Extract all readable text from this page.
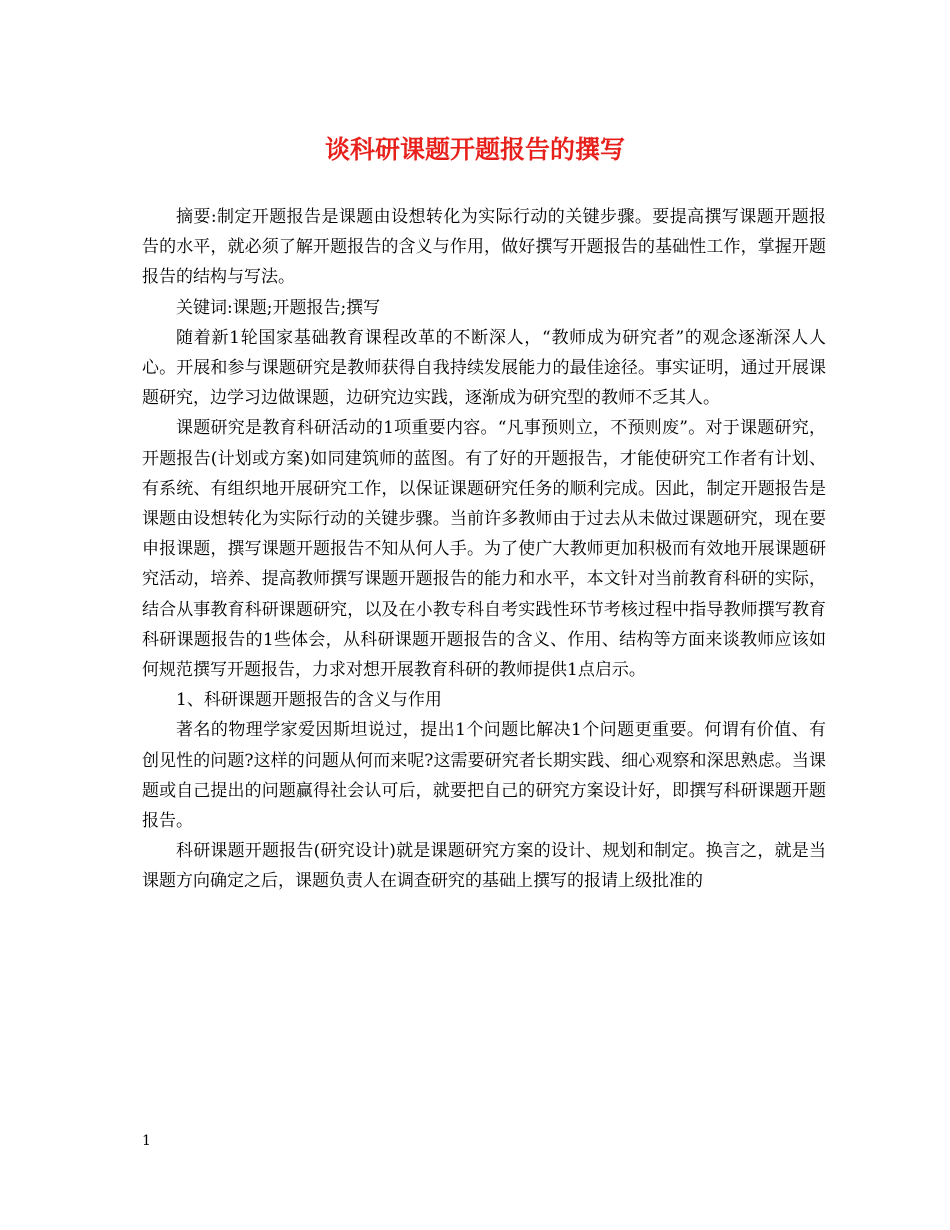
谈科研课题开题报告的撰写

摘要:制定开题报告是课题由设想转化为实际行动的关键步骤。要提高撰写课题开题报告的水平，就必须了解开题报告的含义与作用，做好撰写开题报告的基础性工作，掌握开题报告的结构与写法。

关键词:课题;开题报告;撰写

随着新1轮国家基础教育课程改革的不断深人，“教师成为研究者”的观念逐渐深人人心。开展和参与课题研究是教师获得自我持续发展能力的最佳途径。事实证明，通过开展课题研究，边学习边做课题，边研究边实践，逐渐成为研究型的教师不乏其人。

课题研究是教育科研活动的1项重要内容。“凡事预则立，不预则废”。对于课题研究，开题报告(计划或方案)如同建筑师的蓝图。有了好的开题报告，才能使研究工作者有计划、有系统、有组织地开展研究工作，以保证课题研究任务的顺利完成。因此，制定开题报告是课题由设想转化为实际行动的关键步骤。当前许多教师由于过去从未做过课题研究，现在要申报课题，撰写课题开题报告不知从何人手。为了使广大教师更加积极而有效地开展课题研究活动，培养、提高教师撰写课题开题报告的能力和水平，本文针对当前教育科研的实际，结合从事教育科研课题研究，以及在小教专科自考实践性环节考核过程中指导教师撰写教育科研课题报告的1些体会，从科研课题开题报告的含义、作用、结构等方面来谈教师应该如何规范撰写开题报告，力求对想开展教育科研的教师提供1点启示。

1、科研课题开题报告的含义与作用

著名的物理学家爱因斯坦说过，提出1个问题比解决1个问题更重要。何谓有价值、有创见性的问题?这样的问题从何而来呢?这需要研究者长期实践、细心观察和深思熟虑。当课题或自己提出的问题赢得社会认可后，就要把自己的研究方案设计好，即撰写科研课题开题报告。

科研课题开题报告(研究设计)就是课题研究方案的设计、规划和制定。换言之，就是当课题方向确定之后，课题负责人在调查研究的基础上撰写的报请上级批准的

1
